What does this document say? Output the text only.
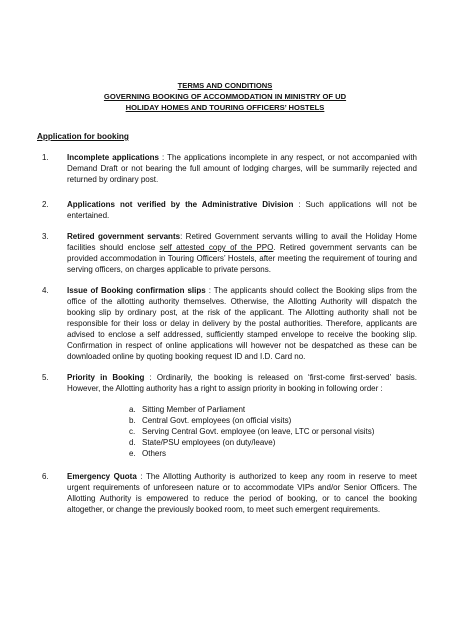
TERMS AND CONDITIONS
GOVERNING BOOKING OF ACCOMMODATION IN MINISTRY OF UD
HOLIDAY HOMES AND TOURING OFFICERS’ HOSTELS
Application for booking
1. Incomplete applications : The applications incomplete in any respect, or not accompanied with Demand Draft or not bearing the full amount of lodging charges, will be summarily rejected and returned by ordinary post.
2. Applications not verified by the Administrative Division : Such applications will not be entertained.
3. Retired government servants: Retired Government servants willing to avail the Holiday Home facilities should enclose self attested copy of the PPO. Retired government servants can be provided accommodation in Touring Officers’ Hostels, after meeting the requirement of touring and serving officers, on charges applicable to private persons.
4. Issue of Booking confirmation slips : The applicants should collect the Booking slips from the office of the allotting authority themselves. Otherwise, the Allotting Authority will dispatch the booking slip by ordinary post, at the risk of the applicant. The Allotting authority shall not be responsible for their loss or delay in delivery by the postal authorities. Therefore, applicants are advised to enclose a self addressed, sufficiently stamped envelope to receive the booking slip. Confirmation in respect of online applications will however not be despatched as these can be downloaded online by quoting booking request ID and I.D. Card no.
5. Priority in Booking : Ordinarily, the booking is released on ‘first-come first-served’ basis. However, the Allotting authority has a right to assign priority in booking in following order :
a. Sitting Member of Parliament
b. Central Govt. employees (on official visits)
c. Serving Central Govt. employee (on leave, LTC or personal visits)
d. State/PSU employees (on duty/leave)
e. Others
6. Emergency Quota : The Allotting Authority is authorized to keep any room in reserve to meet urgent requirements of unforeseen nature or to accommodate VIPs and/or Senior Officers. The Allotting Authority is empowered to reduce the period of booking, or to cancel the booking altogether, or change the previously booked room, to meet such emergent requirements.
